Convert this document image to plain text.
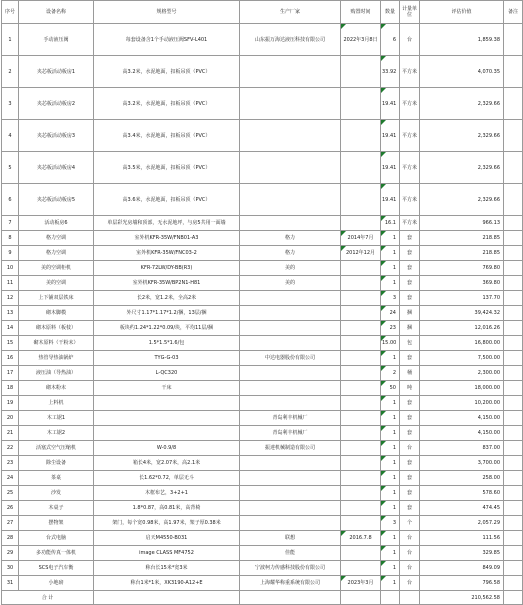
序号	设备名称	规格型号	生产厂家	购置时间	数量	计量单位	评估价值	备注
1	手动液压阀	每套设备含1个手动液压阀SFV-L401	山东振万海达液压科技有限公司	2022年3月8日	6	台	1,859.38	
2	夹芯板活动板房1	高3.2米，水泥地面，扣板吊顶（PVC）			33.92	平方米	4,070.35	
3	夹芯板活动板房2	高3.2米，水泥地面，扣板吊顶（PVC）			19.41	平方米	2,329.66	
4	夹芯板活动板房3	高3.4米，水泥地面，扣板吊顶（PVC）			19.41	平方米	2,329.66	
5	夹芯板活动板房4	高3.5米，水泥地面，扣板吊顶（PVC）			19.41	平方米	2,329.66	
6	夹芯板活动板房5	高3.6米，水泥地面，扣板吊顶（PVC）			19.41	平方米	2,329.66	
7	活动板房6	单层彩光房墙和顶部，无水泥地坪，与房5共用一面墙			16.1	平方米	966.13	
8	格力空调	室外机KFR-35W/FNB01-A3	格力	2014年7月	1	套	218.85	
9	格力空调	室外机KFR-35W/FNC03-2	格力	2012年12月	1	套	218.85	
10	美的空调柜机	KFR-72LW/DY-BB(R3)	美的		1	套	769.80	
11	美的空调	室外机KFR-35W/BP2N1-H81	美的		1	套	369.80	
12	上下铺双层铁床	长2米，宽1.2米，全高2米			3	套	137.70	
13	砌木脚模	外尺寸1.17*1.17*1.2/捆，13层/捆			24	捆	39,424.32	
14	砌木原料（板枝）	板块约1.24*1.22*0.09/块，平均11层/捆			23	捆	12,016.26	
15	砌木原料（干粉末）	1.5*1.5*1.6/包			15.00	包	16,800.00	
16	热管导热油锅炉	TYG-G-03	中达电器股份有限公司		1	套	7,500.00	
17	液压油（导热油）	L-QC320			2	桶	2,300.00	
18	砌木粉末	干床			50	吨	18,000.00	
19	上料机				1	套	10,200.00	
20	木工锯1		青岛利丰机械厂		1	套	4,150.00	
21	木工锯2		青岛利丰机械厂		1	套	4,150.00	
22	活塞式空气压缩机	W-0.9/8	振達机械制造有限公司		1	台	837.00	
23	除尘设备	箱长4米，宽2.07米，高2.1米			1	套	3,700.00	
24	茶桌	长1.62*0.72，单层无斗			1	套	258.00	
25	沙发	木框布艺，3+2+1			1	套	578.60	
26	木桌子	1.8*0.87，高0.81米，高背椅			1	套	474.45	
27	摆物架	架门，每个宽0.98米，高1.97米，架子厚0.38米			3	个	2,057.29	
28	台式电脑	启天M4550-B031	联想	2016.7.8	1	台	111.56	
29	多功能传真一体机	image CLASS MF4752	佳能		1	台	329.85	
30	SCS电子汽车衡	称台长15米*宽3米	宁波柯力传感科技股份有限公司		1	台	849.09	
31	小地磅	称台1米*1米，XK3190-A12+E	上海耀华称重系统有限公司	2023年3月	1	台	796.58	
合 计							210,562.58	
